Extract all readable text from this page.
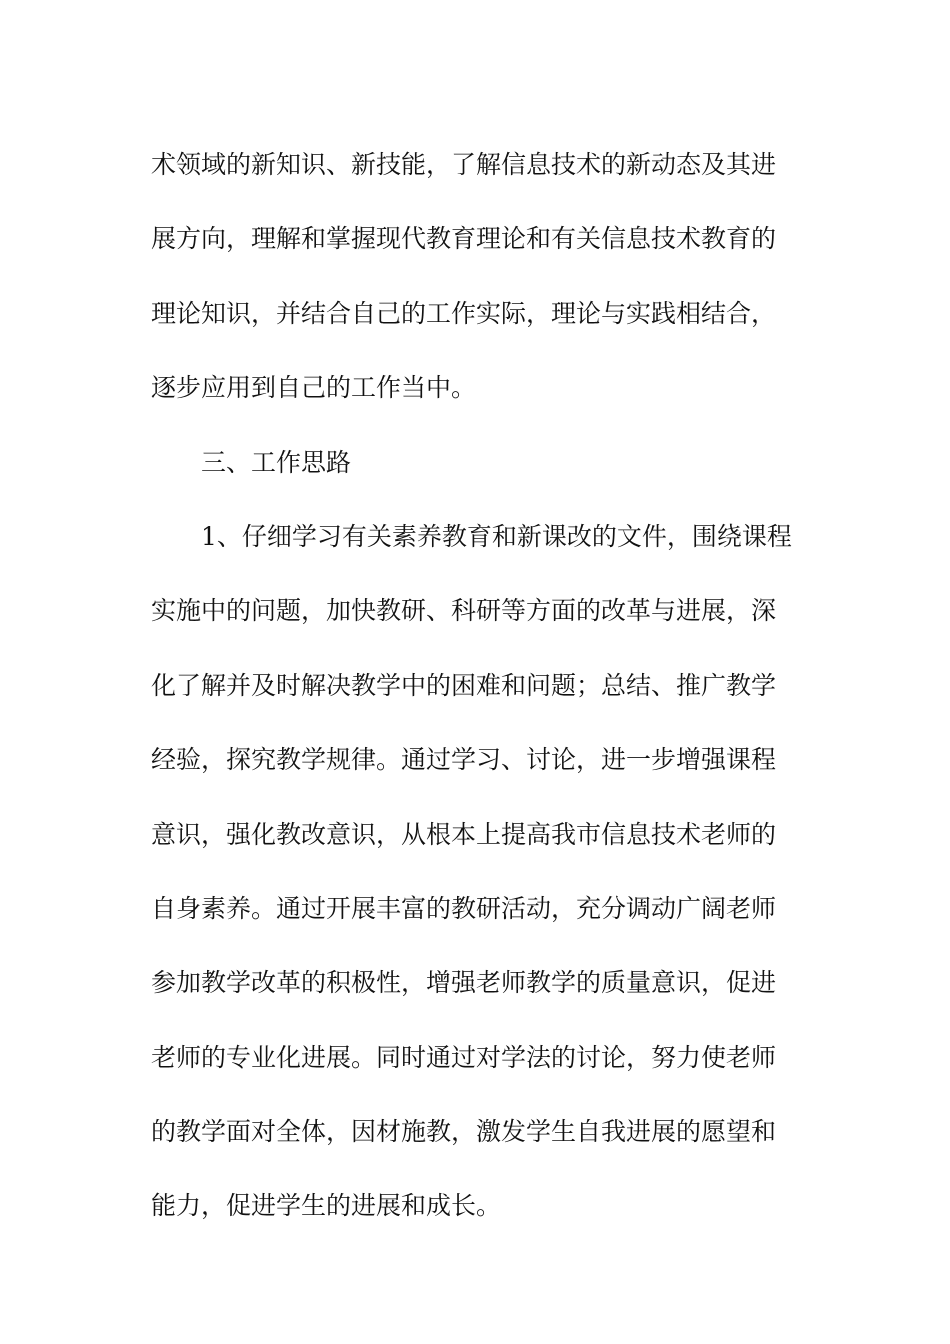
术领域的新知识、新技能，了解信息技术的新动态及其进
展方向，理解和掌握现代教育理论和有关信息技术教育的
理论知识，并结合自己的工作实际，理论与实践相结合，
逐步应用到自己的工作当中。
三、工作思路
1、仔细学习有关素养教育和新课改的文件，围绕课程
实施中的问题，加快教研、科研等方面的改革与进展，深
化了解并及时解决教学中的困难和问题；总结、推广教学
经验，探究教学规律。通过学习、讨论，进一步增强课程
意识，强化教改意识，从根本上提高我市信息技术老师的
自身素养。通过开展丰富的教研活动，充分调动广阔老师
参加教学改革的积极性，增强老师教学的质量意识，促进
老师的专业化进展。同时通过对学法的讨论，努力使老师
的教学面对全体，因材施教，激发学生自我进展的愿望和
能力，促进学生的进展和成长。
